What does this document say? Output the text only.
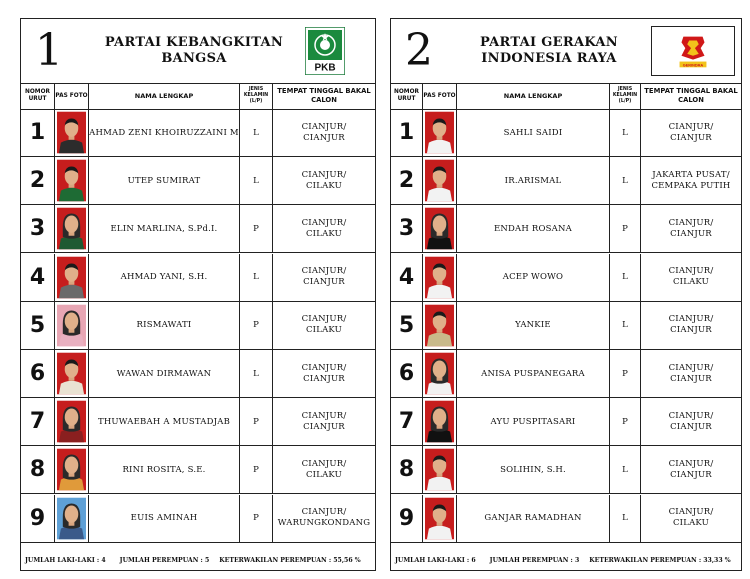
1	PARTAI KEBANGKITAN
BANGSA
PKB
NOMOR URUT
PAS FOTO	NAMA LENGKAP
JENIS KELAMIN (L/P)
TEMPAT TINGGAL BAKAL CALON
1	AHMAD ZENI KHOIRUZZAINI M	L
CIANJUR/
CIANJUR
2	UTEP SUMIRAT	L
CIANJUR/
CILAKU
3	ELIN MARLINA, S.Pd.I.	P
CIANJUR/
CILAKU
4	AHMAD YANI, S.H.	L
CIANJUR/
CIANJUR
5	RISMAWATI	P
CIANJUR/
CILAKU
6	WAWAN DIRMAWAN	L
CIANJUR/
CIANJUR
7	THUWAEBAH A MUSTADJAB	P
CIANJUR/
CIANJUR
8	RINI ROSITA, S.E.	P
CIANJUR/
CILAKU
9	EUIS AMINAH	P
CIANJUR/
WARUNGKONDANG
JUMLAH LAKI-LAKI : 4 JUMLAH PEREMPUAN : 5 KETERWAKILAN PEREMPUAN : 55,56 %
2	PARTAI GERAKAN
INDONESIA RAYA	GERINDRA
NOMOR URUT
PAS FOTO	NAMA LENGKAP
JENIS KELAMIN (L/P)
TEMPAT TINGGAL BAKAL CALON
1	SAHLI SAIDI	L
CIANJUR/
CIANJUR
2	IR.ARISMAL	L
JAKARTA PUSAT/
CEMPAKA PUTIH
3	ENDAH ROSANA	P
CIANJUR/
CIANJUR
4	ACEP WOWO	L
CIANJUR/
CILAKU
5	YANKIE	L
CIANJUR/
CIANJUR
6	ANISA PUSPANEGARA	P
CIANJUR/
CIANJUR
7	AYU PUSPITASARI	P
CIANJUR/
CIANJUR
8	SOLIHIN, S.H.	L
CIANJUR/
CIANJUR
9	GANJAR RAMADHAN	L
CIANJUR/
CILAKU
JUMLAH LAKI-LAKI : 6 JUMLAH PEREMPUAN : 3 KETERWAKILAN PEREMPUAN : 33,33 %
